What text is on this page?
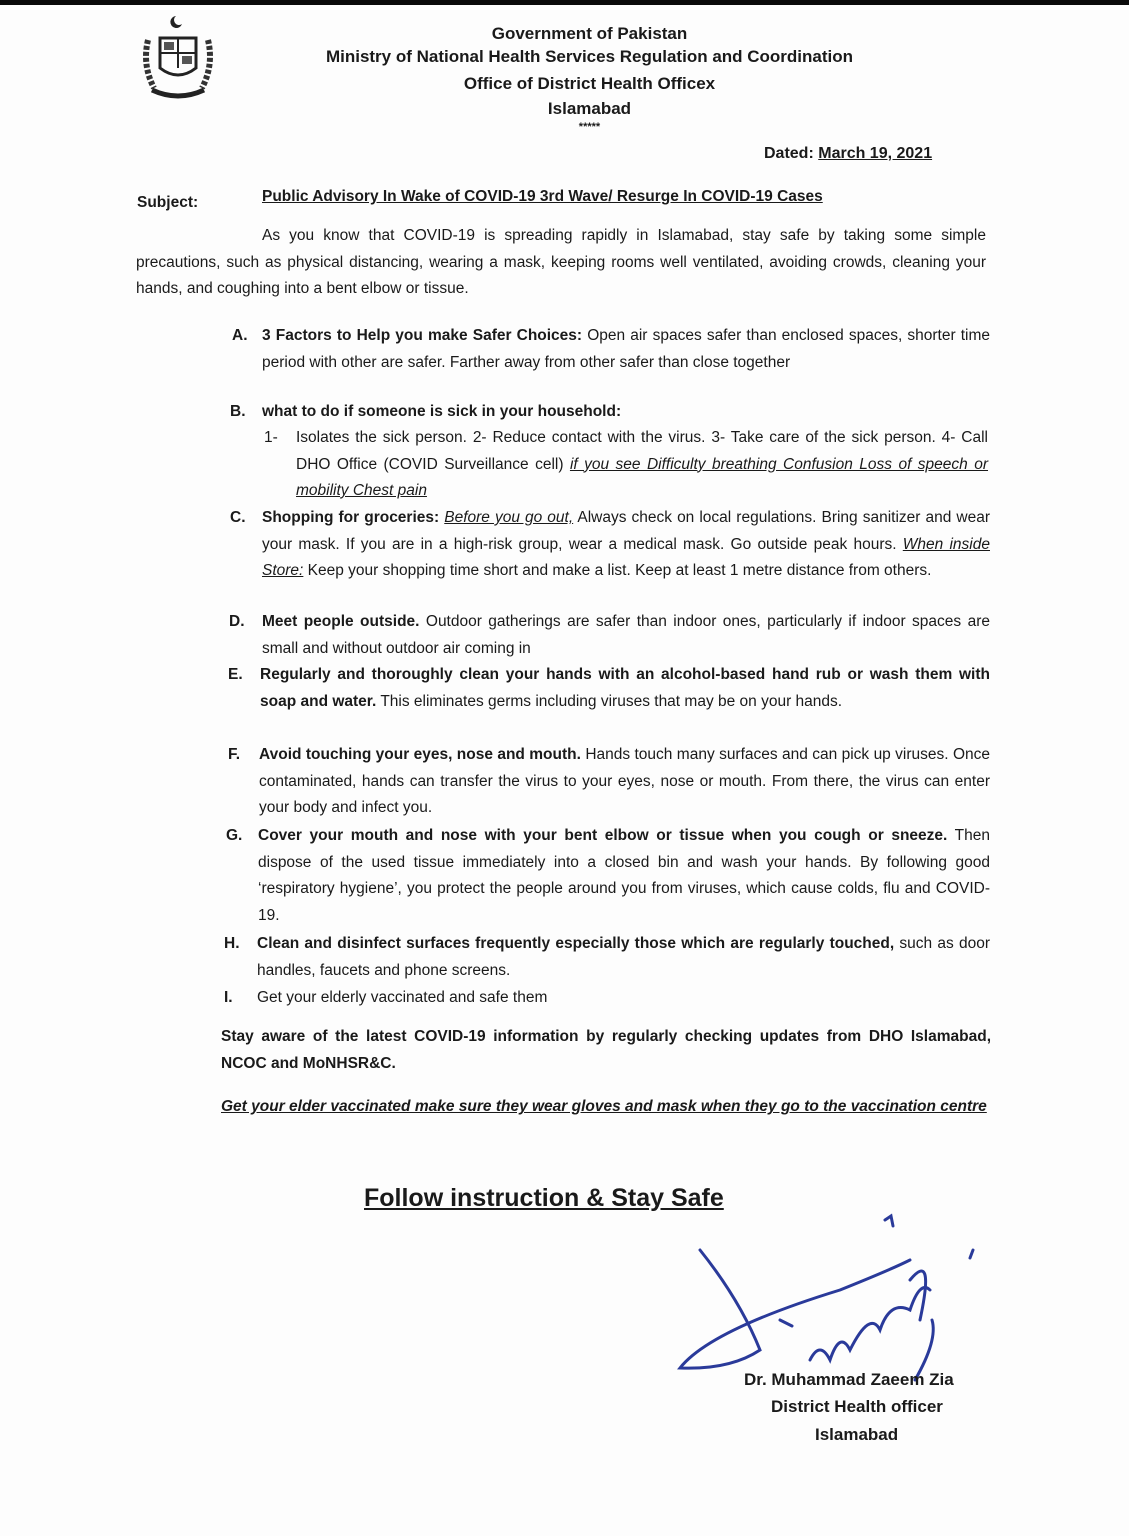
Government of Pakistan
Ministry of National Health Services Regulation and Coordination
Office of District Health Officex
Islamabad
*****
Dated: March 19, 2021
Subject:	Public Advisory In Wake of COVID-19 3rd Wave/ Resurge In COVID-19 Cases
As you know that COVID-19 is spreading rapidly in Islamabad, stay safe by taking some simple precautions, such as physical distancing, wearing a mask, keeping rooms well ventilated, avoiding crowds, cleaning your hands, and coughing into a bent elbow or tissue.
A. 3 Factors to Help you make Safer Choices: Open air spaces safer than enclosed spaces, shorter time period with other are safer. Farther away from other safer than close together
B. what to do if someone is sick in your household:
1- Isolates the sick person. 2- Reduce contact with the virus. 3- Take care of the sick person. 4- Call DHO Office (COVID Surveillance cell) if you see Difficulty breathing Confusion Loss of speech or mobility Chest pain
C. Shopping for groceries: Before you go out, Always check on local regulations. Bring sanitizer and wear your mask. If you are in a high-risk group, wear a medical mask. Go outside peak hours. When inside Store: Keep your shopping time short and make a list. Keep at least 1 metre distance from others.
D. Meet people outside. Outdoor gatherings are safer than indoor ones, particularly if indoor spaces are small and without outdoor air coming in
E. Regularly and thoroughly clean your hands with an alcohol-based hand rub or wash them with soap and water. This eliminates germs including viruses that may be on your hands.
F. Avoid touching your eyes, nose and mouth. Hands touch many surfaces and can pick up viruses. Once contaminated, hands can transfer the virus to your eyes, nose or mouth. From there, the virus can enter your body and infect you.
G. Cover your mouth and nose with your bent elbow or tissue when you cough or sneeze. Then dispose of the used tissue immediately into a closed bin and wash your hands. By following good ‘respiratory hygiene’, you protect the people around you from viruses, which cause colds, flu and COVID-19.
H. Clean and disinfect surfaces frequently especially those which are regularly touched, such as door handles, faucets and phone screens.
I. Get your elderly vaccinated and safe them
Stay aware of the latest COVID-19 information by regularly checking updates from DHO Islamabad, NCOC and MoNHSR&C.
Get your elder vaccinated make sure they wear gloves and mask when they go to the vaccination centre
Follow instruction & Stay Safe
Dr. Muhammad Zaeem Zia
District Health officer
Islamabad
